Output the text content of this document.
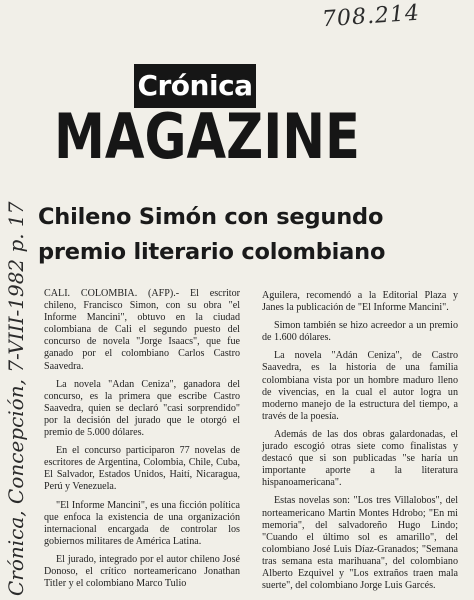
708.214
Crónica
MAGAZINE
Chileno Simón con segundo
premio literario colombiano

CALI. COLOMBIA. (AFP).- El escritor chileno, Francisco Simon, con su obra "el Informe Mancini", obtuvo en la ciudad colombiana de Cali el segundo puesto del concurso de novela "Jorge Isaacs", que fue ganado por el colombiano Carlos Castro Saavedra.

La novela "Adan Ceniza", ganadora del concurso, es la primera que escribe Castro Saavedra, quien se declaró "casi sorprendido" por la decisión del jurado que le otorgó el premio de 5.000 dólares.

En el concurso participaron 77 novelas de escritores de Argentina, Colombia, Chile, Cuba, El Salvador, Estados Unidos, Haití, Nicaragua, Perú y Venezuela.

"El Informe Mancini", es una ficción política que enfoca la existencia de una organización internacional encargada de controlar los gobiernos militares de América Latina.

El jurado, integrado por el autor chileno José Donoso, el crítico norteamericano Jonathan Titler y el colombiano Marco Tulio

Aguilera, recomendó a la Editorial Plaza y Janes la publicación de "El Informe Mancini".

Simon también se hizo acreedor a un premio de 1.600 dólares.

La novela "Adán Ceniza", de Castro Saavedra, es la historia de una familia colombiana vista por un hombre maduro lleno de vivencias, en la cual el autor logra un moderno manejo de la estructura del tiempo, a través de la poesía.

Además de las dos obras galardonadas, el jurado escogió otras siete como finalistas y destacó que si son publicadas "se haría un importante aporte a la literatura hispanoamericana".

Estas novelas son: "Los tres Villalobos", del norteamericano Martin Montes Hdrobo; "En mi memoria", del salvadoreño Hugo Lindo; "Cuando el último sol es amarillo", del colombiano José Luis Díaz-Granados; "Semana tras semana esta marihuana", del colombiano Alberto Ezquivel y "Los extraños traen mala suerte", del colombiano Jorge Luis Garcés.

Crónica, Concepción, 7-VIII-1982 p. 17
